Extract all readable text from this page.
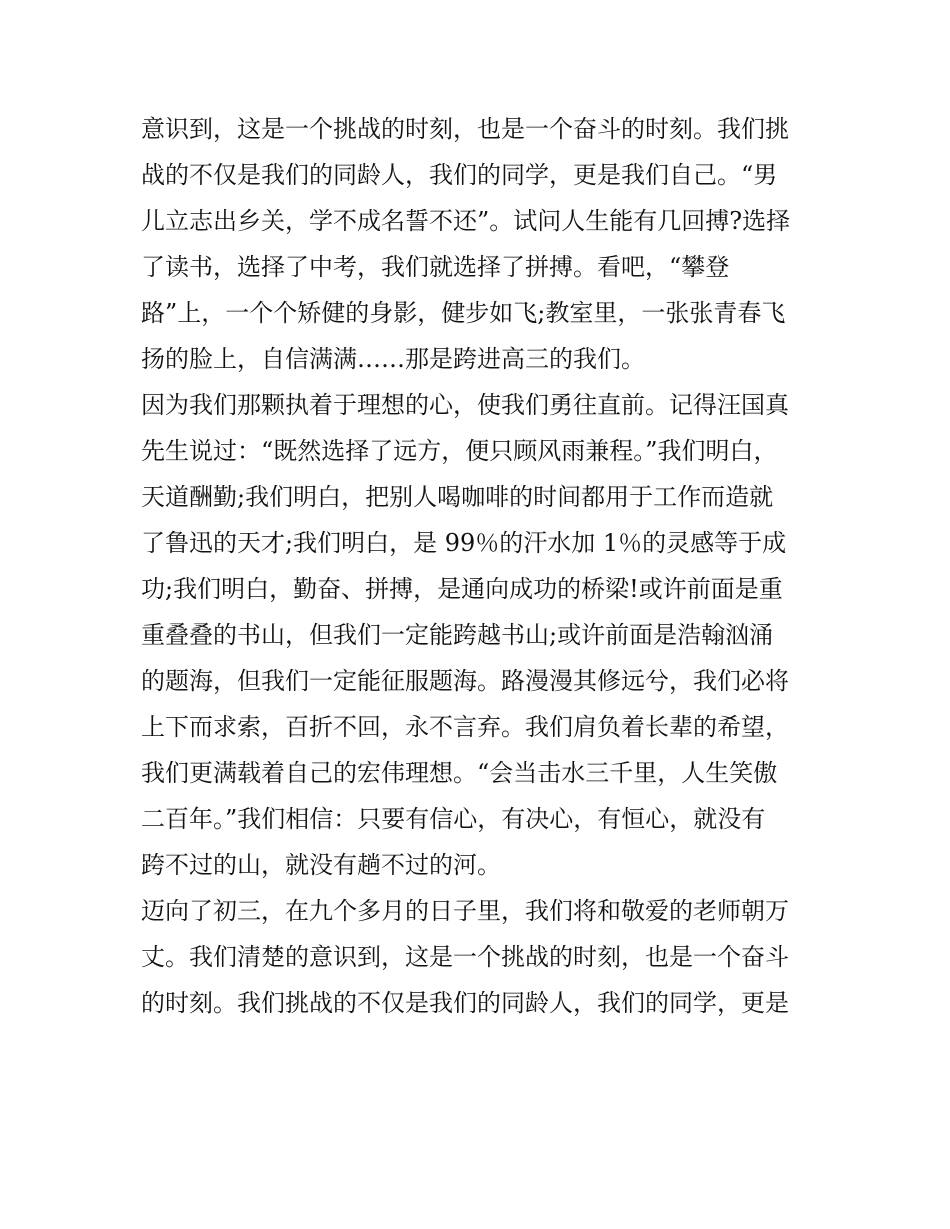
意识到，这是一个挑战的时刻，也是一个奋斗的时刻。我们挑
战的不仅是我们的同龄人，我们的同学，更是我们自己。“男
儿立志出乡关，学不成名誓不还”。试问人生能有几回搏?选择
了读书，选择了中考，我们就选择了拼搏。看吧，“攀登
路”上，一个个矫健的身影，健步如飞;教室里，一张张青春飞
扬的脸上，自信满满……那是跨进高三的我们。
因为我们那颗执着于理想的心，使我们勇往直前。记得汪国真
先生说过：“既然选择了远方，便只顾风雨兼程。”我们明白，
天道酬勤;我们明白，把别人喝咖啡的时间都用于工作而造就
了鲁迅的天才;我们明白，是 99％的汗水加 1％的灵感等于成
功;我们明白，勤奋、拼搏，是通向成功的桥梁!或许前面是重
重叠叠的书山，但我们一定能跨越书山;或许前面是浩翰汹涌
的题海，但我们一定能征服题海。路漫漫其修远兮，我们必将
上下而求索，百折不回，永不言弃。我们肩负着长辈的希望，
我们更满载着自己的宏伟理想。“会当击水三千里，人生笑傲
二百年。”我们相信：只要有信心，有决心，有恒心，就没有
跨不过的山，就没有趟不过的河。
迈向了初三，在九个多月的日子里，我们将和敬爱的老师朝万
丈。我们清楚的意识到，这是一个挑战的时刻，也是一个奋斗
的时刻。我们挑战的不仅是我们的同龄人，我们的同学，更是
